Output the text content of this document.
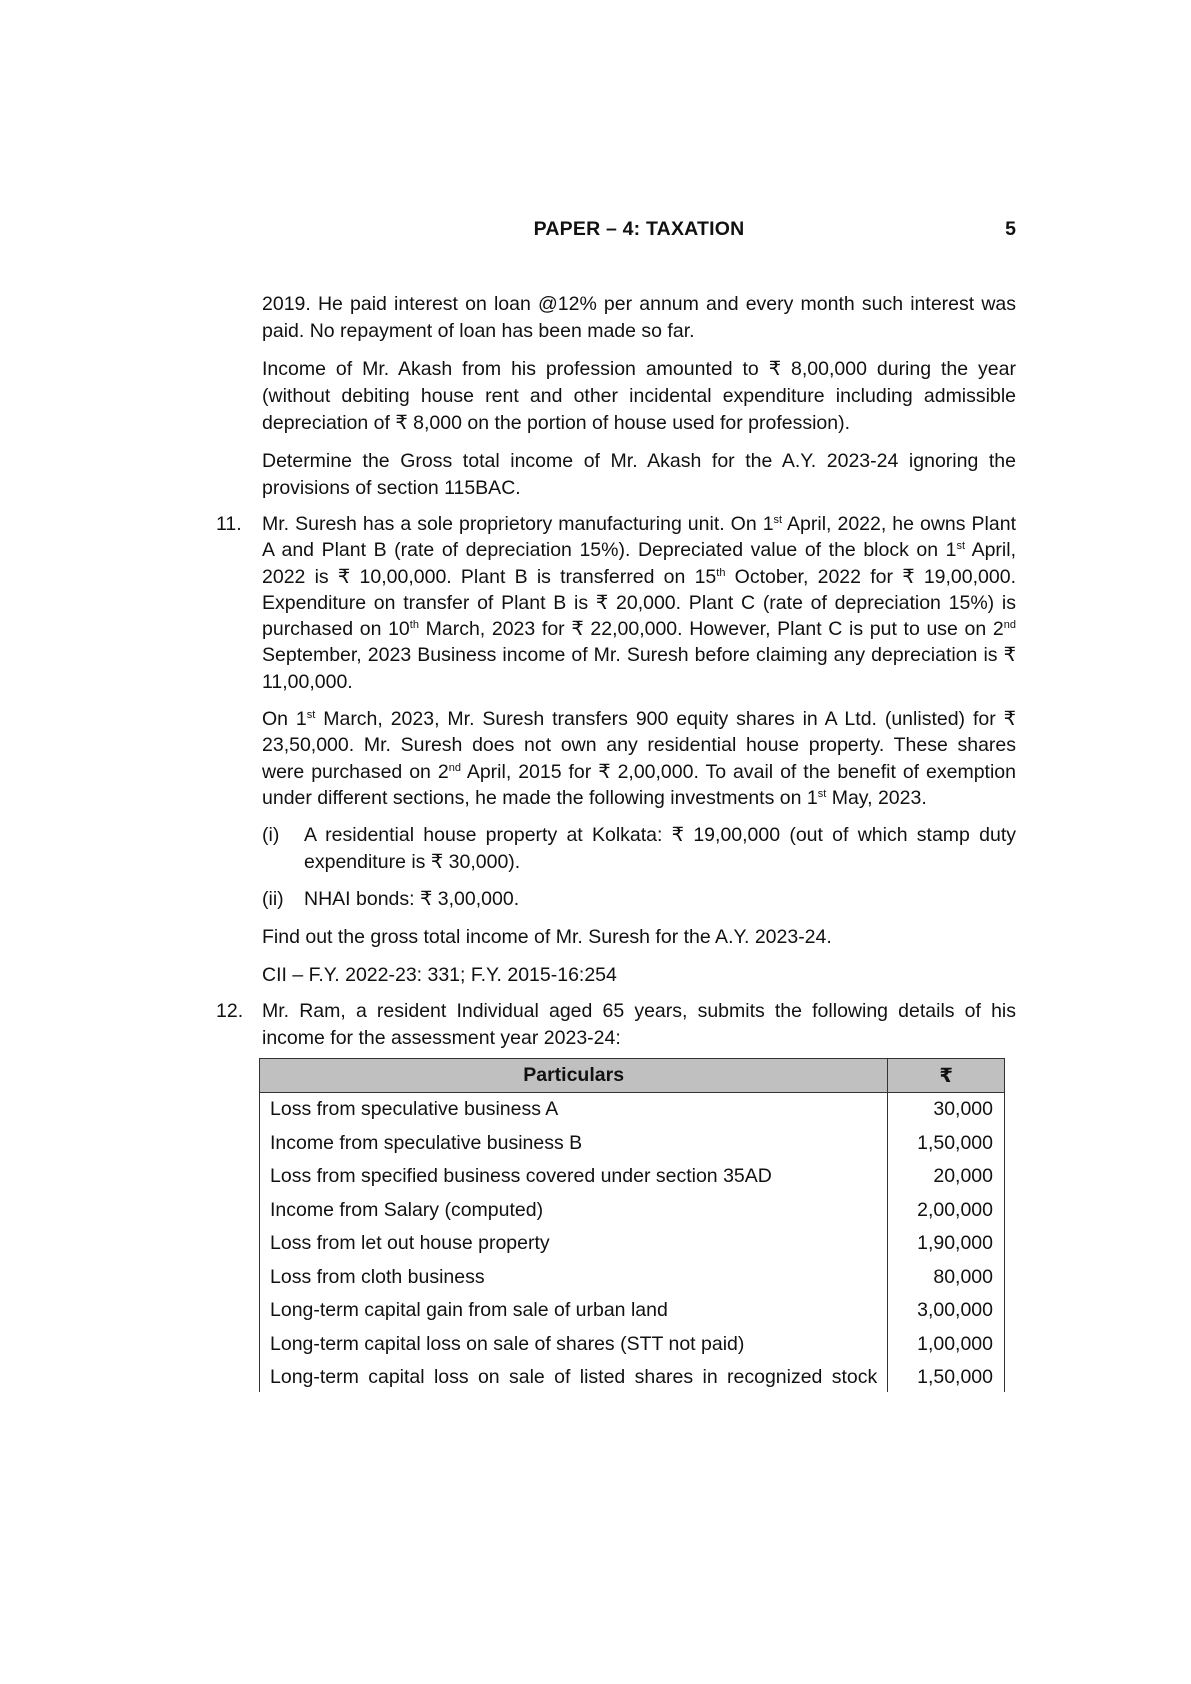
PAPER – 4: TAXATION	5

2019. He paid interest on loan @12% per annum and every month such interest was paid. No repayment of loan has been made so far.

Income of Mr. Akash from his profession amounted to ₹ 8,00,000 during the year (without debiting house rent and other incidental expenditure including admissible depreciation of ₹ 8,000 on the portion of house used for profession).

Determine the Gross total income of Mr. Akash for the A.Y. 2023-24 ignoring the provisions of section 115BAC.

11.	Mr. Suresh has a sole proprietory manufacturing unit. On 1st April, 2022, he owns Plant A and Plant B (rate of depreciation 15%). Depreciated value of the block on 1st April, 2022 is ₹ 10,00,000. Plant B is transferred on 15th October, 2022 for ₹ 19,00,000. Expenditure on transfer of Plant B is ₹ 20,000. Plant C (rate of depreciation 15%) is purchased on 10th March, 2023 for ₹ 22,00,000. However, Plant C is put to use on 2nd September, 2023 Business income of Mr. Suresh before claiming any depreciation is ₹ 11,00,000.

On 1st March, 2023, Mr. Suresh transfers 900 equity shares in A Ltd. (unlisted) for ₹ 23,50,000. Mr. Suresh does not own any residential house property. These shares were purchased on 2nd April, 2015 for ₹ 2,00,000. To avail of the benefit of exemption under different sections, he made the following investments on 1st May, 2023.

(i)	A residential house property at Kolkata: ₹ 19,00,000 (out of which stamp duty expenditure is ₹ 30,000).

(ii)	NHAI bonds: ₹ 3,00,000.

Find out the gross total income of Mr. Suresh for the A.Y. 2023-24.

CII – F.Y. 2022-23: 331; F.Y. 2015-16:254

12. Mr. Ram, a resident Individual aged 65 years, submits the following details of his income for the assessment year 2023-24:

Particulars	₹
Loss from speculative business A	30,000
Income from speculative business B	1,50,000
Loss from specified business covered under section 35AD	20,000
Income from Salary (computed)	2,00,000
Loss from let out house property	1,90,000
Loss from cloth business	80,000
Long-term capital gain from sale of urban land	3,00,000
Long-term capital loss on sale of shares (STT not paid)	1,00,000
Long-term capital loss on sale of listed shares in recognized stock	1,50,000
